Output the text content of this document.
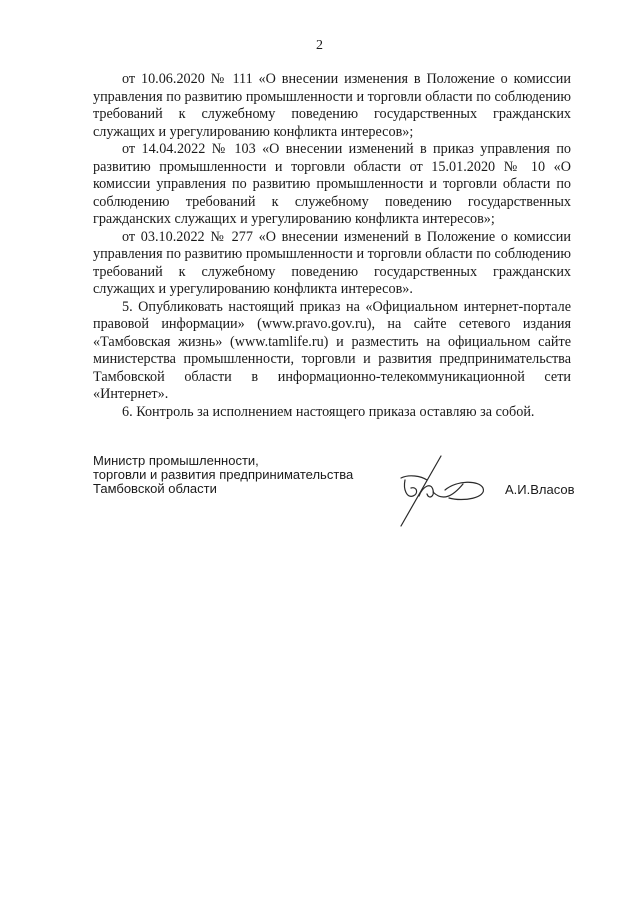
2

от 10.06.2020 № 111 «О внесении изменения в Положение о комиссии управления по развитию промышленности и торговли области по соблюдению требований к служебному поведению государственных гражданских служащих и урегулированию конфликта интересов»;

от 14.04.2022 № 103 «О внесении изменений в приказ управления по развитию промышленности и торговли области от 15.01.2020 № 10 «О комиссии управления по развитию промышленности и торговли области по соблюдению требований к служебному поведению государственных гражданских служащих и урегулированию конфликта интересов»;

от 03.10.2022 № 277 «О внесении изменений в Положение о комиссии управления по развитию промышленности и торговли области по соблюдению требований к служебному поведению государственных гражданских служащих и урегулированию конфликта интересов».

5. Опубликовать настоящий приказ на «Официальном интернет-портале правовой информации» (www.pravo.gov.ru), на сайте сетевого издания «Тамбовская жизнь» (www.tamlife.ru) и разместить на официальном сайте министерства промышленности, торговли и развития предпринимательства Тамбовской области в информационно-телекоммуникационной сети «Интернет».

6. Контроль за исполнением настоящего приказа оставляю за собой.

Министр промышленности,
торговли и развития предпринимательства
Тамбовской области	А.И.Власов
